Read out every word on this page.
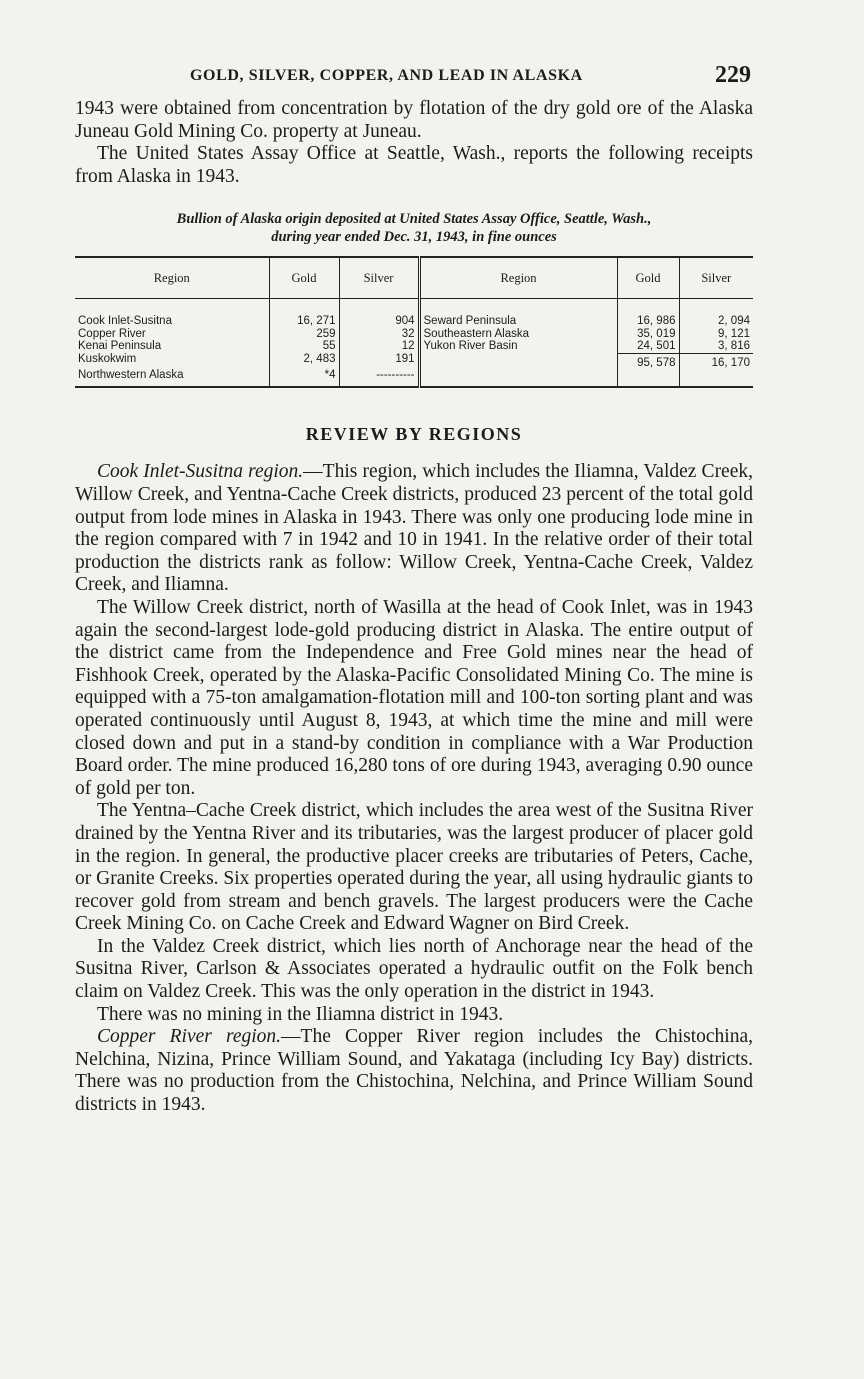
GOLD, SILVER, COPPER, AND LEAD IN ALASKA	229

1943 were obtained from concentration by flotation of the dry gold ore of the Alaska Juneau Gold Mining Co. property at Juneau.

The United States Assay Office at Seattle, Wash., reports the following receipts from Alaska in 1943.

Bullion of Alaska origin deposited at United States Assay Office, Seattle, Wash.,
during year ended Dec. 31, 1943, in fine ounces
Region	Gold	Silver	Region	Gold	Silver
Cook Inlet-Susitna	16, 271	904	Seward Peninsula	16, 986	2, 094
Copper River	259	32	Southeastern Alaska	35, 019	9, 121
Kenai Peninsula	55	12	Yukon River Basin	24, 501	3, 816
Kuskokwim	2, 483	191		95, 578	16, 170
Northwestern Alaska	*4	----------			
REVIEW BY REGIONS

Cook Inlet-Susitna region.—This region, which includes the Iliamna, Valdez Creek, Willow Creek, and Yentna-Cache Creek districts, produced 23 percent of the total gold output from lode mines in Alaska in 1943. There was only one producing lode mine in the region compared with 7 in 1942 and 10 in 1941. In the relative order of their total production the districts rank as follow: Willow Creek, Yentna-Cache Creek, Valdez Creek, and Iliamna.

The Willow Creek district, north of Wasilla at the head of Cook Inlet, was in 1943 again the second-largest lode-gold producing district in Alaska. The entire output of the district came from the Independence and Free Gold mines near the head of Fishhook Creek, operated by the Alaska-Pacific Consolidated Mining Co. The mine is equipped with a 75-ton amalgamation-flotation mill and 100-ton sorting plant and was operated continuously until August 8, 1943, at which time the mine and mill were closed down and put in a stand-by condition in compliance with a War Production Board order. The mine produced 16,280 tons of ore during 1943, averaging 0.90 ounce of gold per ton.

The Yentna–Cache Creek district, which includes the area west of the Susitna River drained by the Yentna River and its tributaries, was the largest producer of placer gold in the region. In general, the productive placer creeks are tributaries of Peters, Cache, or Granite Creeks. Six properties operated during the year, all using hydraulic giants to recover gold from stream and bench gravels. The largest producers were the Cache Creek Mining Co. on Cache Creek and Edward Wagner on Bird Creek.

In the Valdez Creek district, which lies north of Anchorage near the head of the Susitna River, Carlson & Associates operated a hydraulic outfit on the Folk bench claim on Valdez Creek. This was the only operation in the district in 1943.

There was no mining in the Iliamna district in 1943.

Copper River region.—The Copper River region includes the Chistochina, Nelchina, Nizina, Prince William Sound, and Yakataga (including Icy Bay) districts. There was no production from the Chistochina, Nelchina, and Prince William Sound districts in 1943.
